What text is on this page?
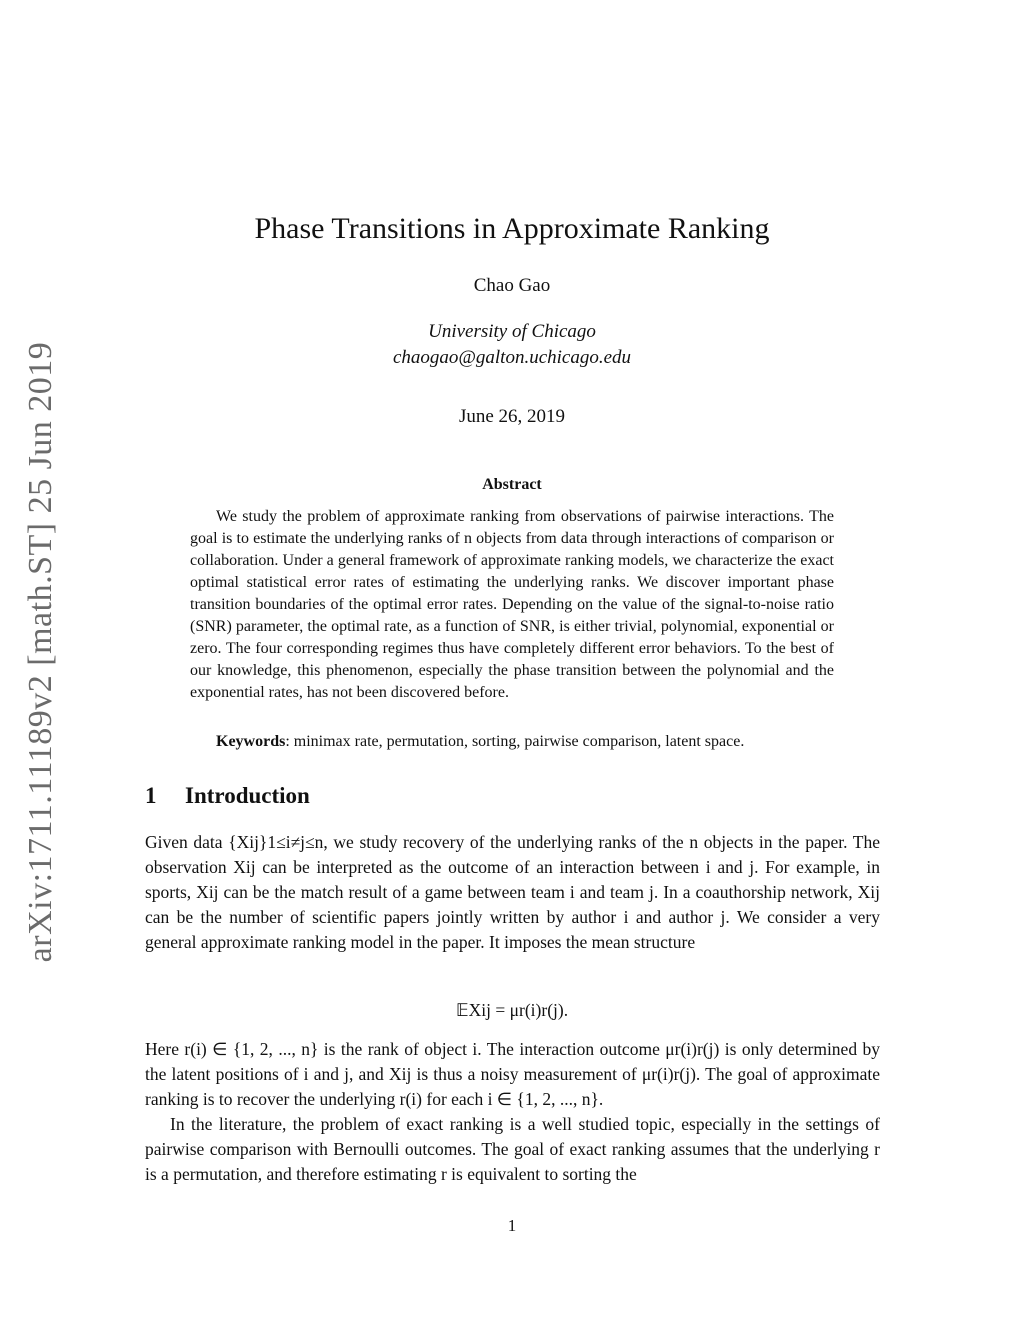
arXiv:1711.11189v2 [math.ST] 25 Jun 2019
Phase Transitions in Approximate Ranking
Chao Gao
University of Chicago
chaogao@galton.uchicago.edu
June 26, 2019
Abstract

We study the problem of approximate ranking from observations of pairwise interactions. The goal is to estimate the underlying ranks of n objects from data through interactions of comparison or collaboration. Under a general framework of approximate ranking models, we characterize the exact optimal statistical error rates of estimating the underlying ranks. We discover important phase transition boundaries of the optimal error rates. Depending on the value of the signal-to-noise ratio (SNR) parameter, the optimal rate, as a function of SNR, is either trivial, polynomial, exponential or zero. The four corresponding regimes thus have completely different error behaviors. To the best of our knowledge, this phenomenon, especially the phase transition between the polynomial and the exponential rates, has not been discovered before.

Keywords: minimax rate, permutation, sorting, pairwise comparison, latent space.
1 Introduction

Given data {Xij}1≤i≠j≤n, we study recovery of the underlying ranks of the n objects in the paper. The observation Xij can be interpreted as the outcome of an interaction between i and j. For example, in sports, Xij can be the match result of a game between team i and team j. In a coauthorship network, Xij can be the number of scientific papers jointly written by author i and author j. We consider a very general approximate ranking model in the paper. It imposes the mean structure

𝔼Xij = μr(i)r(j).

Here r(i) ∈ {1, 2, ..., n} is the rank of object i. The interaction outcome μr(i)r(j) is only determined by the latent positions of i and j, and Xij is thus a noisy measurement of μr(i)r(j). The goal of approximate ranking is to recover the underlying r(i) for each i ∈ {1, 2, ..., n}.

In the literature, the problem of exact ranking is a well studied topic, especially in the settings of pairwise comparison with Bernoulli outcomes. The goal of exact ranking assumes that the underlying r is a permutation, and therefore estimating r is equivalent to sorting the

1
